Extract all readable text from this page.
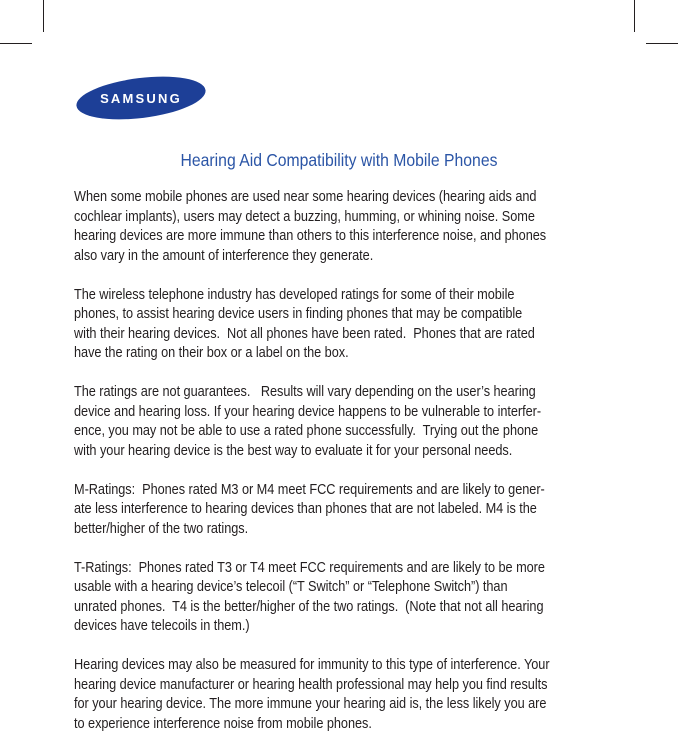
SAMSUNG
Hearing Aid Compatibility with Mobile Phones

When some mobile phones are used near some hearing devices (hearing aids and
cochlear implants), users may detect a buzzing, humming, or whining noise. Some
hearing devices are more immune than others to this interference noise, and phones
also vary in the amount of interference they generate.

The wireless telephone industry has developed ratings for some of their mobile
phones, to assist hearing device users in finding phones that may be compatible
with their hearing devices.  Not all phones have been rated.  Phones that are rated
have the rating on their box or a label on the box.

The ratings are not guarantees.   Results will vary depending on the user’s hearing
device and hearing loss. If your hearing device happens to be vulnerable to interfer-
ence, you may not be able to use a rated phone successfully.  Trying out the phone
with your hearing device is the best way to evaluate it for your personal needs.

M-Ratings:  Phones rated M3 or M4 meet FCC requirements and are likely to gener-
ate less interference to hearing devices than phones that are not labeled. M4 is the
better/higher of the two ratings.

T-Ratings:  Phones rated T3 or T4 meet FCC requirements and are likely to be more
usable with a hearing device’s telecoil (“T Switch” or “Telephone Switch”) than
unrated phones.  T4 is the better/higher of the two ratings.  (Note that not all hearing
devices have telecoils in them.)

Hearing devices may also be measured for immunity to this type of interference. Your
hearing device manufacturer or hearing health professional may help you find results
for your hearing device. The more immune your hearing aid is, the less likely you are
to experience interference noise from mobile phones.
